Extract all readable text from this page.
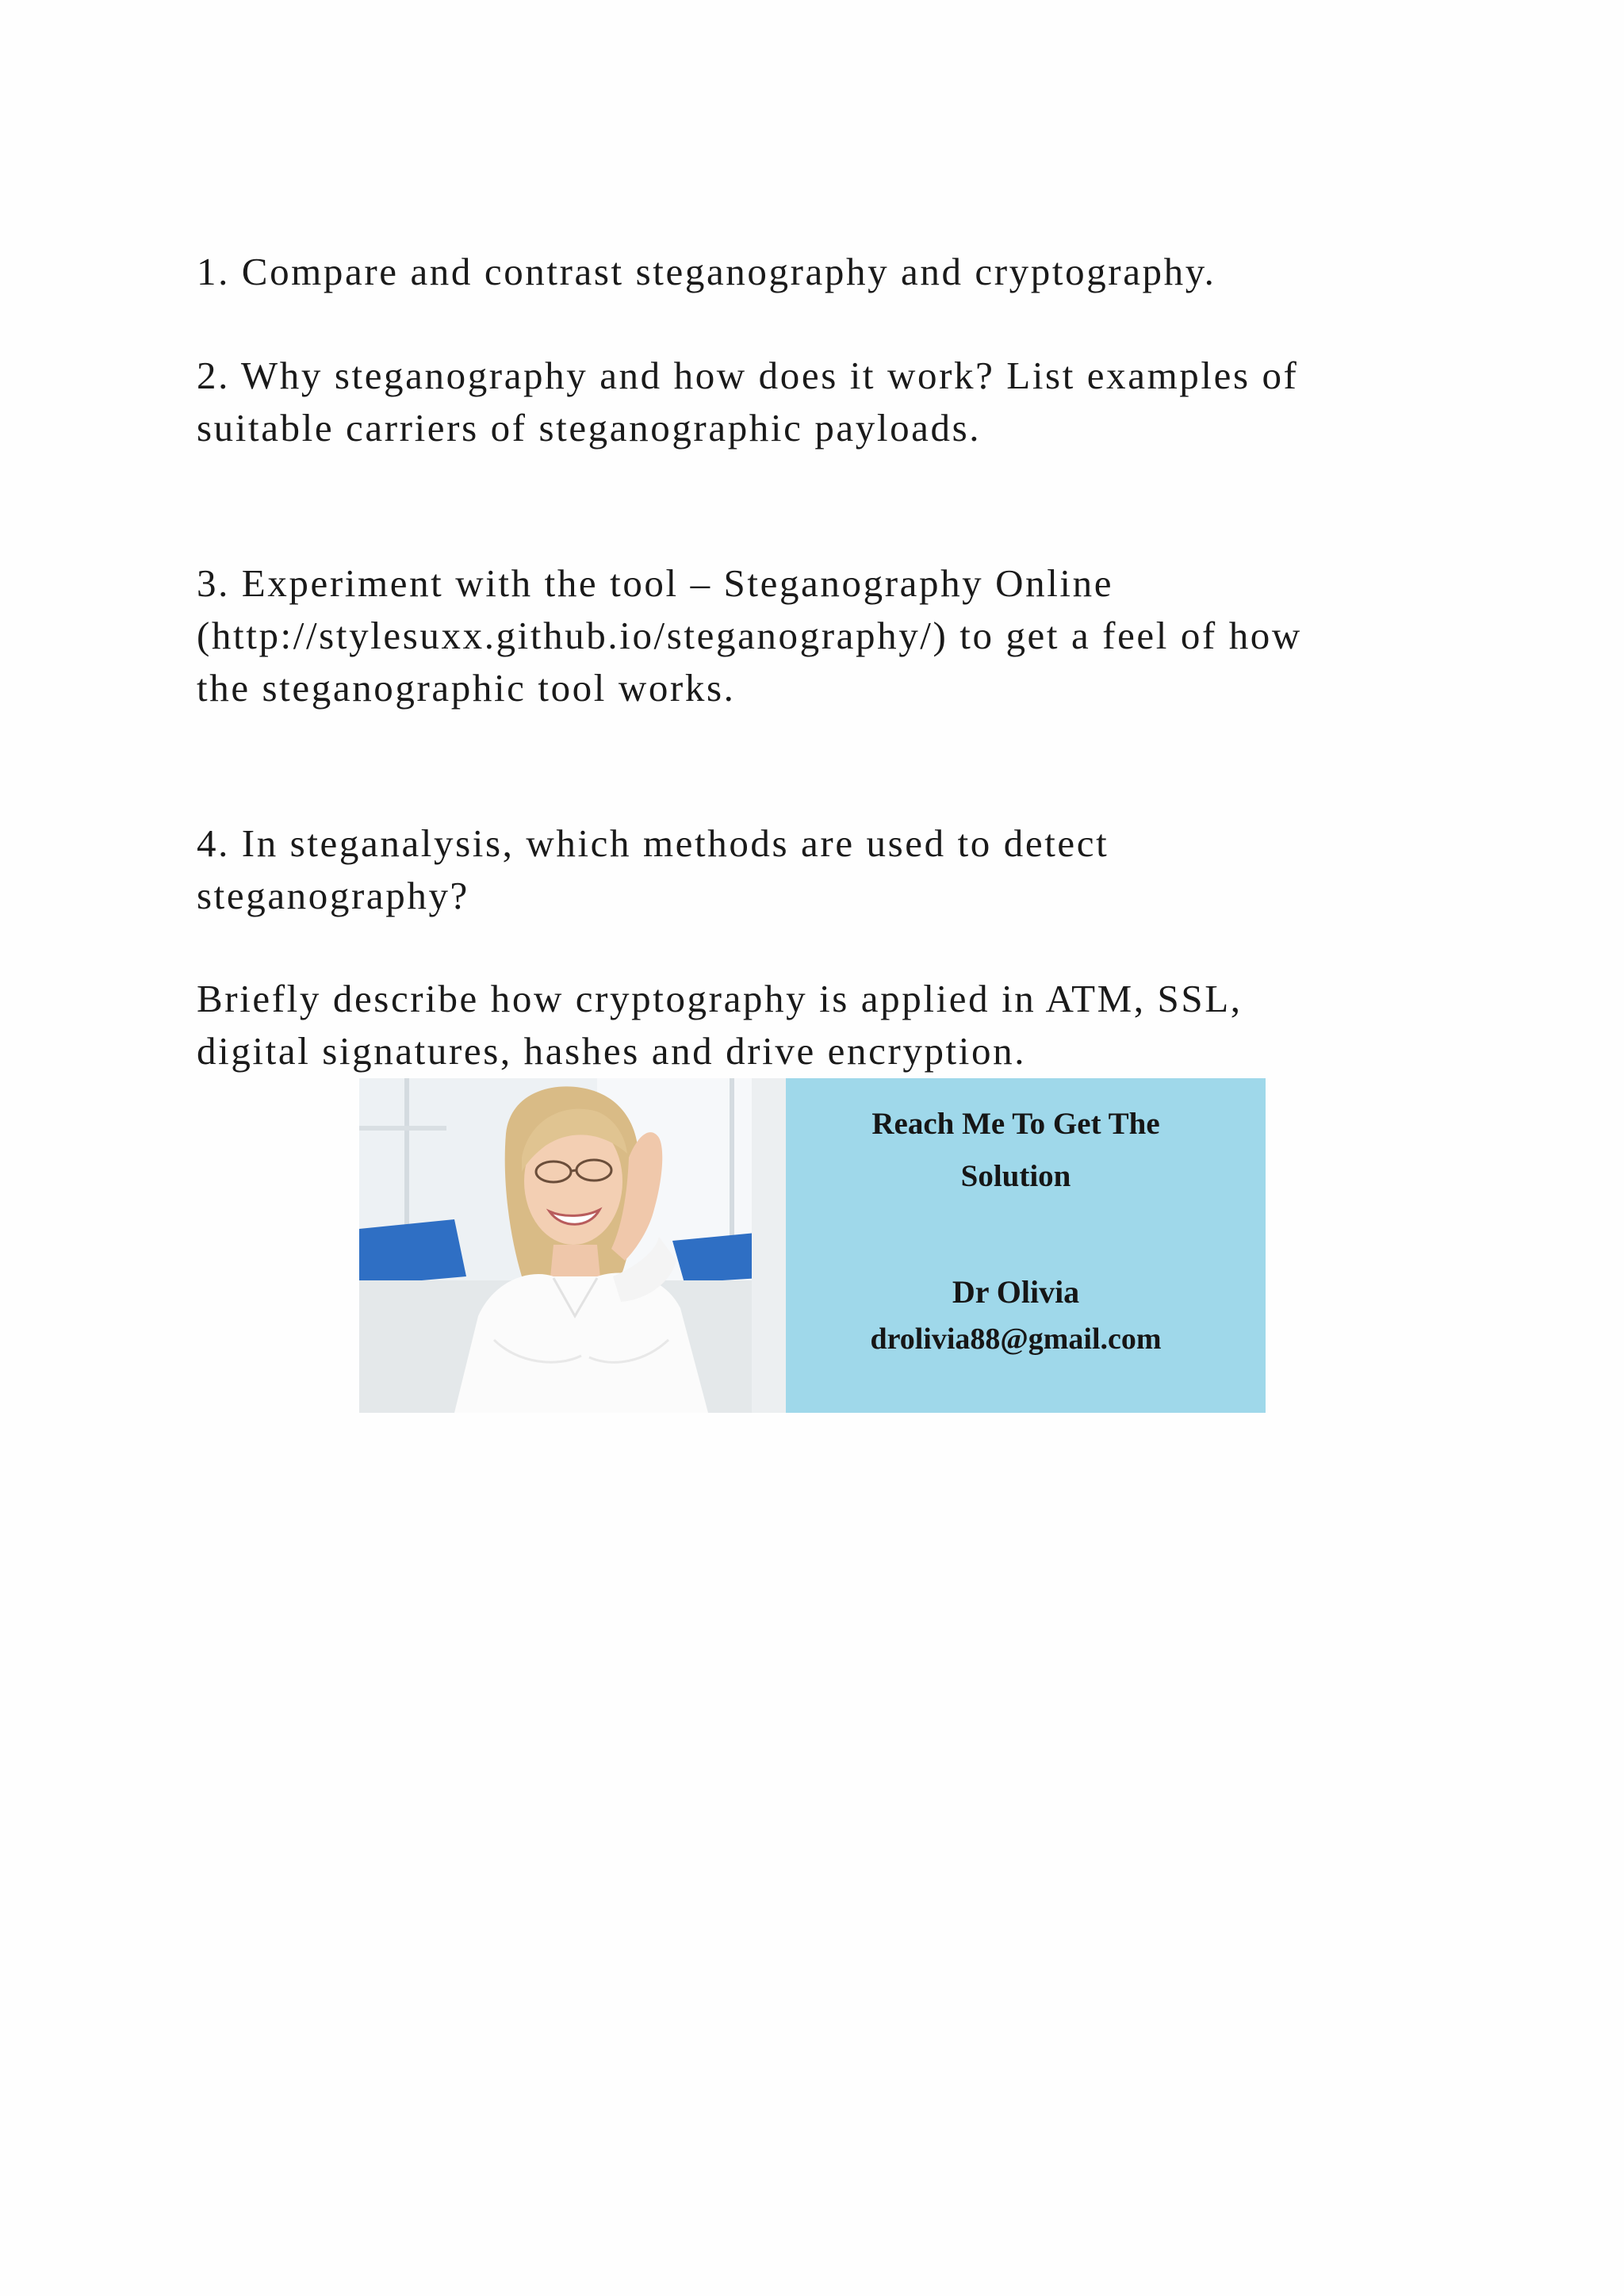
1. Compare and contrast steganography and cryptography.

2. Why steganography and how does it work? List examples of
suitable carriers of steganographic payloads.

3. Experiment with the tool – Steganography Online
(http://stylesuxx.github.io/steganography/) to get a feel of how
the steganographic tool works.

4. In steganalysis, which methods are used to detect
steganography?

Briefly describe how cryptography is applied in ATM, SSL,
digital signatures, hashes and drive encryption.

Reach Me To Get The
Solution
Dr Olivia
drolivia88@gmail.com
